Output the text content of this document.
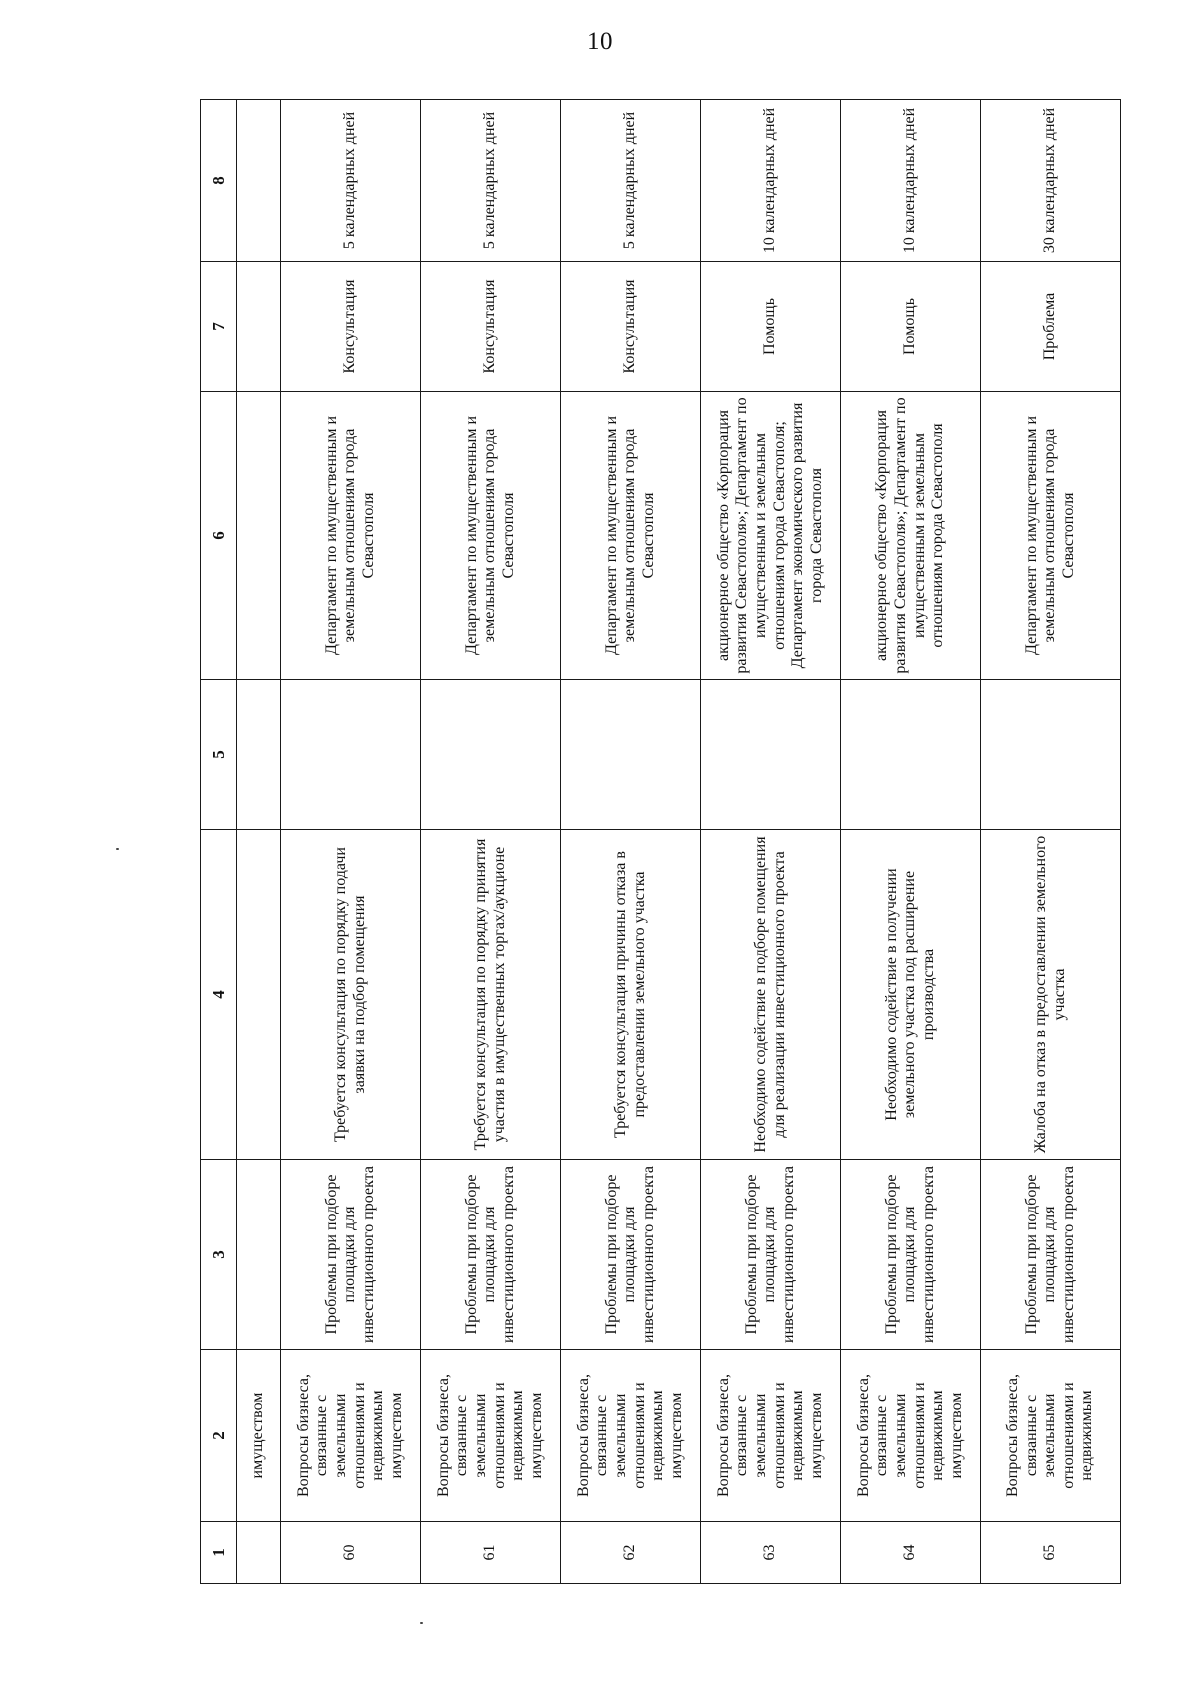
10
1	2	3	4	5	6	7	8
	имуществом						
60	Вопросы бизнеса, связанные с земельными отношениями и недвижимым имуществом	Проблемы при подборе площадки для инвестиционного проекта	Требуется консультация по порядку подачи заявки на подбор помещения		Департамент по имущественным и земельным отношениям города Севастополя	Консультация	5 календарных дней
61	Вопросы бизнеса, связанные с земельными отношениями и недвижимым имуществом	Проблемы при подборе площадки для инвестиционного проекта	Требуется консультация по порядку принятия участия в имущественных торгах/аукционе		Департамент по имущественным и земельным отношениям города Севастополя	Консультация	5 календарных дней
62	Вопросы бизнеса, связанные с земельными отношениями и недвижимым имуществом	Проблемы при подборе площадки для инвестиционного проекта	Требуется консультация причины отказа в предоставлении земельного участка		Департамент по имущественным и земельным отношениям города Севастополя	Консультация	5 календарных дней
63	Вопросы бизнеса, связанные с земельными отношениями и недвижимым имуществом	Проблемы при подборе площадки для инвестиционного проекта	Необходимо содействие в подборе помещения для реализации инвестиционного проекта		акционерное общество «Корпорация развития Севастополя»; Департамент по имущественным и земельным отношениям города Севастополя; Департамент экономического развития города Севастополя	Помощь	10 календарных дней
64	Вопросы бизнеса, связанные с земельными отношениями и недвижимым имуществом	Проблемы при подборе площадки для инвестиционного проекта	Необходимо содействие в получении земельного участка под расширение производства		акционерное общество «Корпорация развития Севастополя»; Департамент по имущественным и земельным отношениям города Севастополя	Помощь	10 календарных дней
65	Вопросы бизнеса, связанные с земельными отношениями и недвижимым	Проблемы при подборе площадки для инвестиционного проекта	Жалоба на отказ в предоставлении земельного участка		Департамент по имущественным и земельным отношениям города Севастополя	Проблема	30 календарных дней
